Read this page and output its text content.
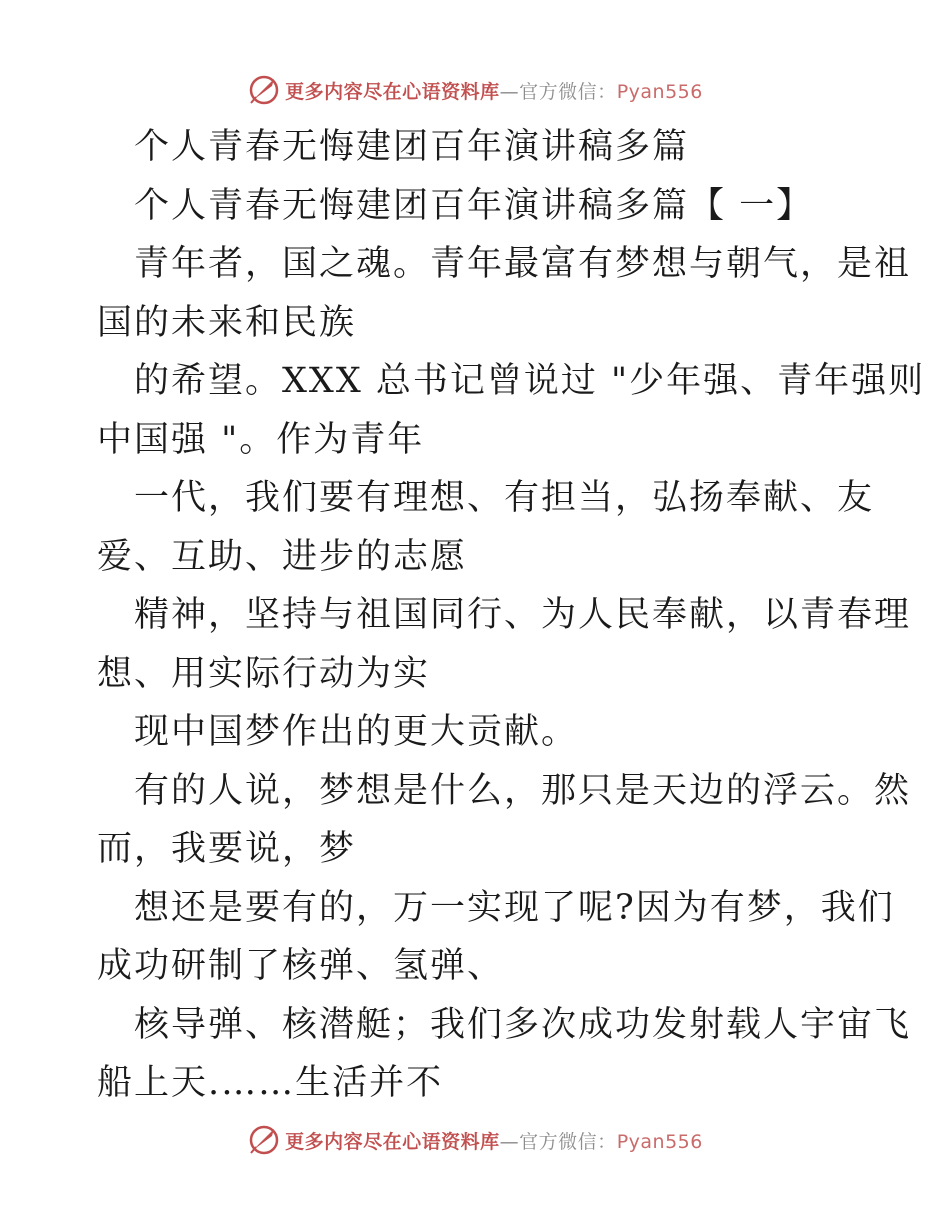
更多内容尽在心语资料库—官方微信：Pyan556

个人青春无悔建团百年演讲稿多篇

个人青春无悔建团百年演讲稿多篇【 一】

青年者，国之魂。青年最富有梦想与朝气，是祖

国的未来和民族

的希望。XXX 总书记曾说过 "少年强、青年强则

中国强 "。作为青年

一代，我们要有理想、有担当，弘扬奉献、友

爱、互助、进步的志愿

精神，坚持与祖国同行、为人民奉献，以青春理

想、用实际行动为实

现中国梦作出的更大贡献。

有的人说，梦想是什么，那只是天边的浮云。然

而，我要说，梦

想还是要有的，万一实现了呢?因为有梦，我们

成功研制了核弹、氢弹、

核导弹、核潜艇；我们多次成功发射载人宇宙飞

船上天.……生活并不

更多内容尽在心语资料库—官方微信：Pyan556
